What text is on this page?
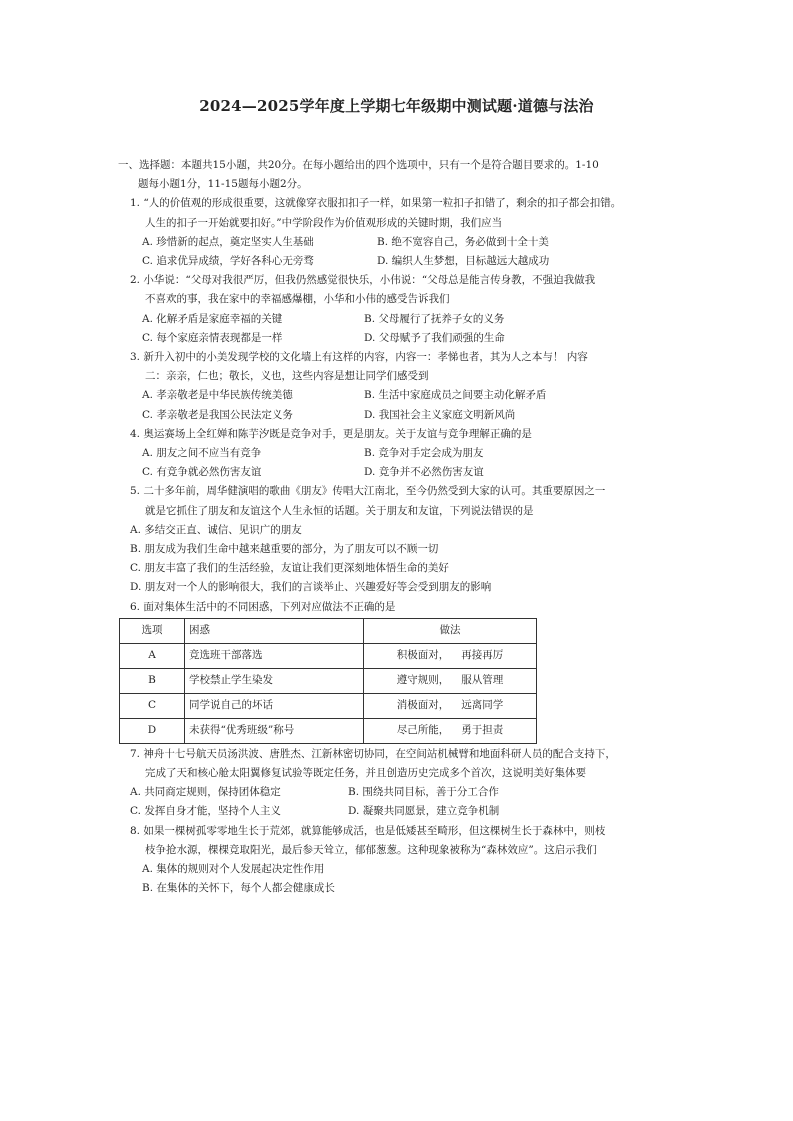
2024—2025学年度上学期七年级期中测试题·道德与法治
一、选择题：本题共15小题，共20分。在每小题给出的四个选项中，只有一个是符合题目要求的。1-10
题每小题1分，11-15题每小题2分。
1. “人的价值观的形成很重要，这就像穿衣服扣扣子一样，如果第一粒扣子扣错了，剩余的扣子都会扣错。
人生的扣子一开始就要扣好。”中学阶段作为价值观形成的关键时期，我们应当
A. 珍惜新的起点，奠定坚实人生基础	B. 绝不宽容自己，务必做到十全十美
C. 追求优异成绩，学好各科心无旁骛	D. 编织人生梦想，目标越远大越成功
2. 小华说：“父母对我很严厉，但我仍然感觉很快乐，小伟说：“父母总是能言传身教，不强迫我做我
不喜欢的事，我在家中的幸福感爆棚，小华和小伟的感受告诉我们
A. 化解矛盾是家庭幸福的关键	B. 父母履行了抚养子女的义务
C. 每个家庭亲情表现都是一样	D. 父母赋予了我们顽强的生命
3. 新升入初中的小美发现学校的文化墙上有这样的内容，内容一：孝悌也者，其为人之本与！ 内容
二：亲亲，仁也；敬长，义也，这些内容是想让同学们感受到
A. 孝亲敬老是中华民族传统美德	B. 生活中家庭成员之间要主动化解矛盾
C. 孝亲敬老是我国公民法定义务	D. 我国社会主义家庭文明新风尚
4. 奥运赛场上全红婵和陈芋汐既是竞争对手，更是朋友。关于友谊与竞争理解正确的是
A. 朋友之间不应当有竞争	B. 竞争对手定会成为朋友
C. 有竞争就必然伤害友谊	D. 竞争并不必然伤害友谊
5. 二十多年前，周华健演唱的歌曲《朋友》传唱大江南北，至今仍然受到大家的认可。其重要原因之一
就是它抓住了朋友和友谊这个人生永恒的话题。关于朋友和友谊，下列说法错误的是
A. 多结交正直、诚信、见识广的朋友
B. 朋友成为我们生命中越来越重要的部分，为了朋友可以不顾一切
C. 朋友丰富了我们的生活经验，友谊让我们更深刻地体悟生命的美好
D. 朋友对一个人的影响很大，我们的言谈举止、兴趣爱好等会受到朋友的影响
6. 面对集体生活中的不同困惑，下列对应做法不正确的是
选项	困惑	做法
A	竞选班干部落选	积极面对， 再接再厉
B	学校禁止学生染发	遵守规则， 服从管理
C	同学说自己的坏话	消极面对， 远离同学
D	未获得“优秀班级”称号	尽己所能， 勇于担责
7. 神舟十七号航天员汤洪波、唐胜杰、江新林密切协同，在空间站机械臂和地面科研人员的配合支持下，
完成了天和核心舱太阳翼修复试验等既定任务，并且创造历史完成多个首次，这说明美好集体要
A. 共同商定规则，保持团体稳定	B. 围绕共同目标，善于分工合作
C. 发挥自身才能，坚持个人主义	D. 凝聚共同愿景，建立竞争机制
8. 如果一棵树孤零零地生长于荒郊，就算能够成活，也是低矮甚至畸形，但这棵树生长于森林中，则枝
枝争抢水源，棵棵竞取阳光，最后参天耸立，郁郁葱葱。这种现象被称为“森林效应”。这启示我们
A. 集体的规则对个人发展起决定性作用
B. 在集体的关怀下，每个人都会健康成长
